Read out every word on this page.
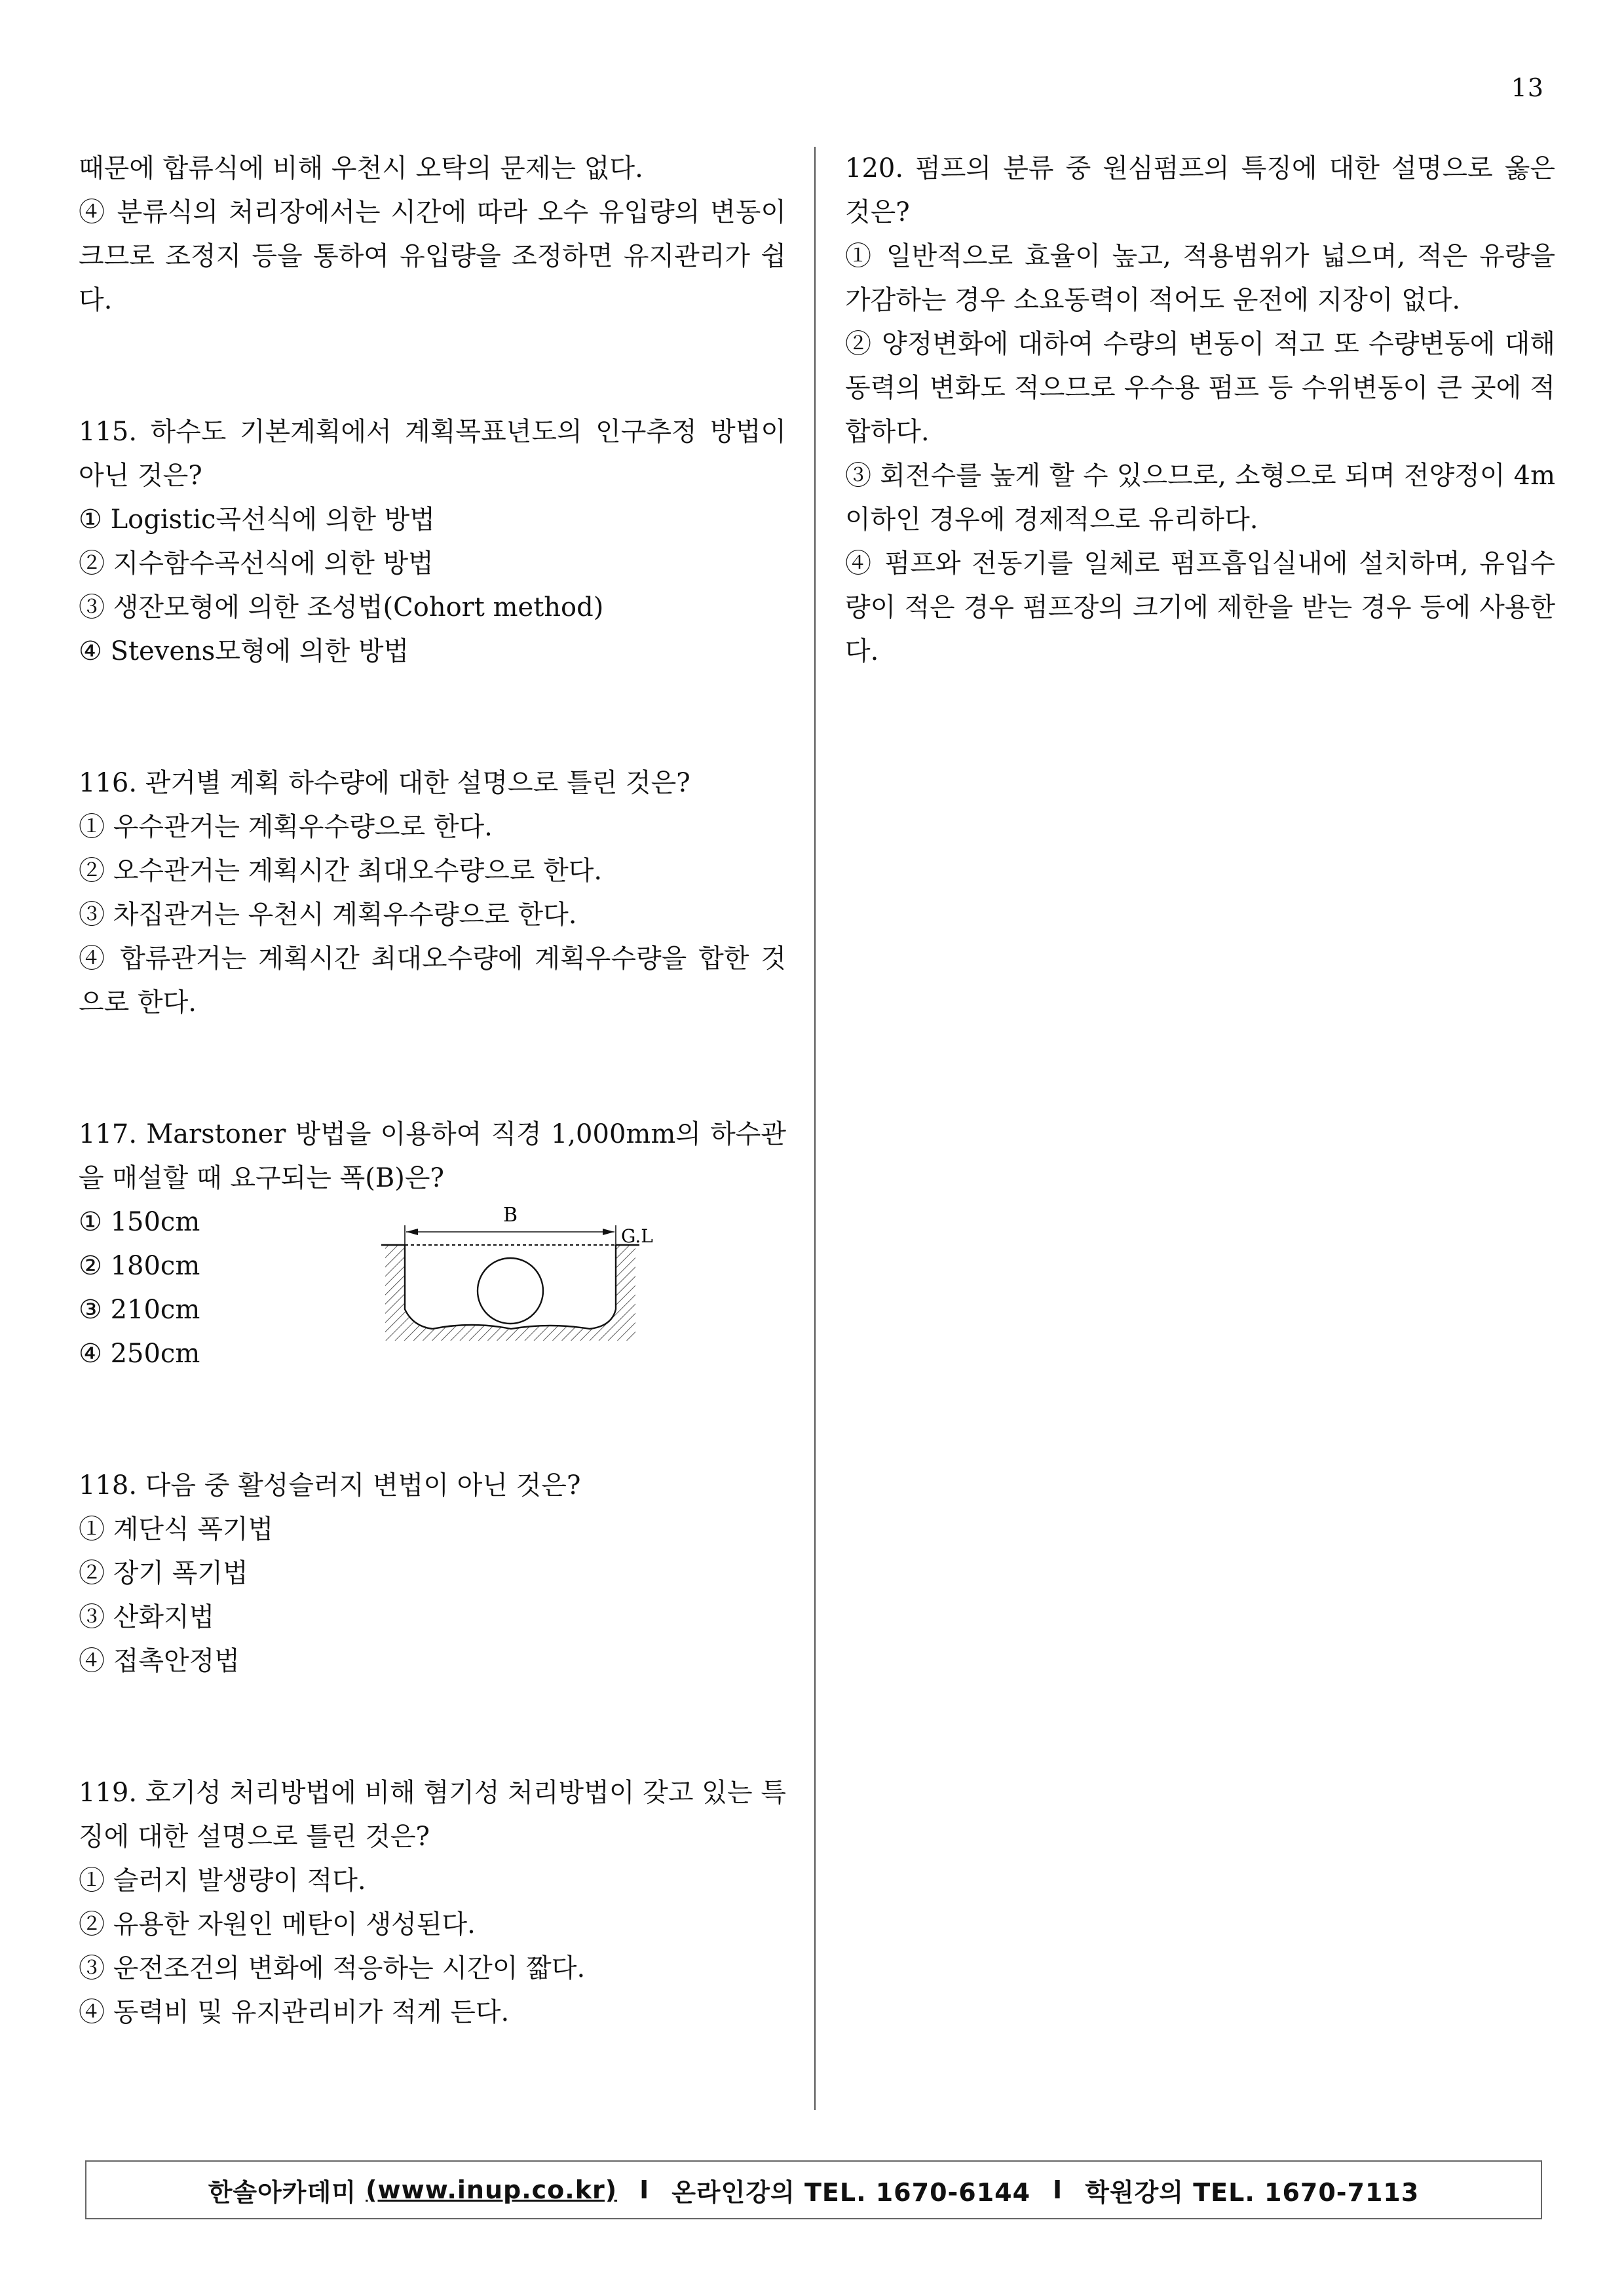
13

때문에 합류식에 비해 우천시 오탁의 문제는 없다.

④ 분류식의 처리장에서는 시간에 따라 오수 유입량의 변동이 크므로 조정지 등을 통하여 유입량을 조정하면 유지관리가 쉽다.

115. 하수도 기본계획에서 계획목표년도의 인구추정 방법이 아닌 것은?

① Logistic곡선식에 의한 방법
② 지수함수곡선식에 의한 방법
③ 생잔모형에 의한 조성법(Cohort method)
④ Stevens모형에 의한 방법

116. 관거별 계획 하수량에 대한 설명으로 틀린 것은?

① 우수관거는 계획우수량으로 한다.
② 오수관거는 계획시간 최대오수량으로 한다.
③ 차집관거는 우천시 계획우수량으로 한다.
④ 합류관거는 계획시간 최대오수량에 계획우수량을 합한 것으로 한다.

117. Marstoner 방법을 이용하여 직경 1,000mm의 하수관을 매설할 때 요구되는 폭(B)은?

① 150cm
② 180cm
③ 210cm
④ 250cm
B
G.L

118. 다음 중 활성슬러지 변법이 아닌 것은?

① 계단식 폭기법
② 장기 폭기법
③ 산화지법
④ 접촉안정법

119. 호기성 처리방법에 비해 혐기성 처리방법이 갖고 있는 특징에 대한 설명으로 틀린 것은?

① 슬러지 발생량이 적다.
② 유용한 자원인 메탄이 생성된다.
③ 운전조건의 변화에 적응하는 시간이 짧다.
④ 동력비 및 유지관리비가 적게 든다.

120. 펌프의 분류 중 원심펌프의 특징에 대한 설명으로 옳은 것은?

① 일반적으로 효율이 높고, 적용범위가 넓으며, 적은 유량을 가감하는 경우 소요동력이 적어도 운전에 지장이 없다.

② 양정변화에 대하여 수량의 변동이 적고 또 수량변동에 대해 동력의 변화도 적으므로 우수용 펌프 등 수위변동이 큰 곳에 적합하다.

③ 회전수를 높게 할 수 있으므로, 소형으로 되며 전양정이 4m 이하인 경우에 경제적으로 유리하다.

④ 펌프와 전동기를 일체로 펌프흡입실내에 설치하며, 유입수량이 적은 경우 펌프장의 크기에 제한을 받는 경우 등에 사용한다.

한솔아카데미
(www.inup.co.kr) I 온라인강의 TEL. 1670-6144 I 학원강의 TEL. 1670-7113
